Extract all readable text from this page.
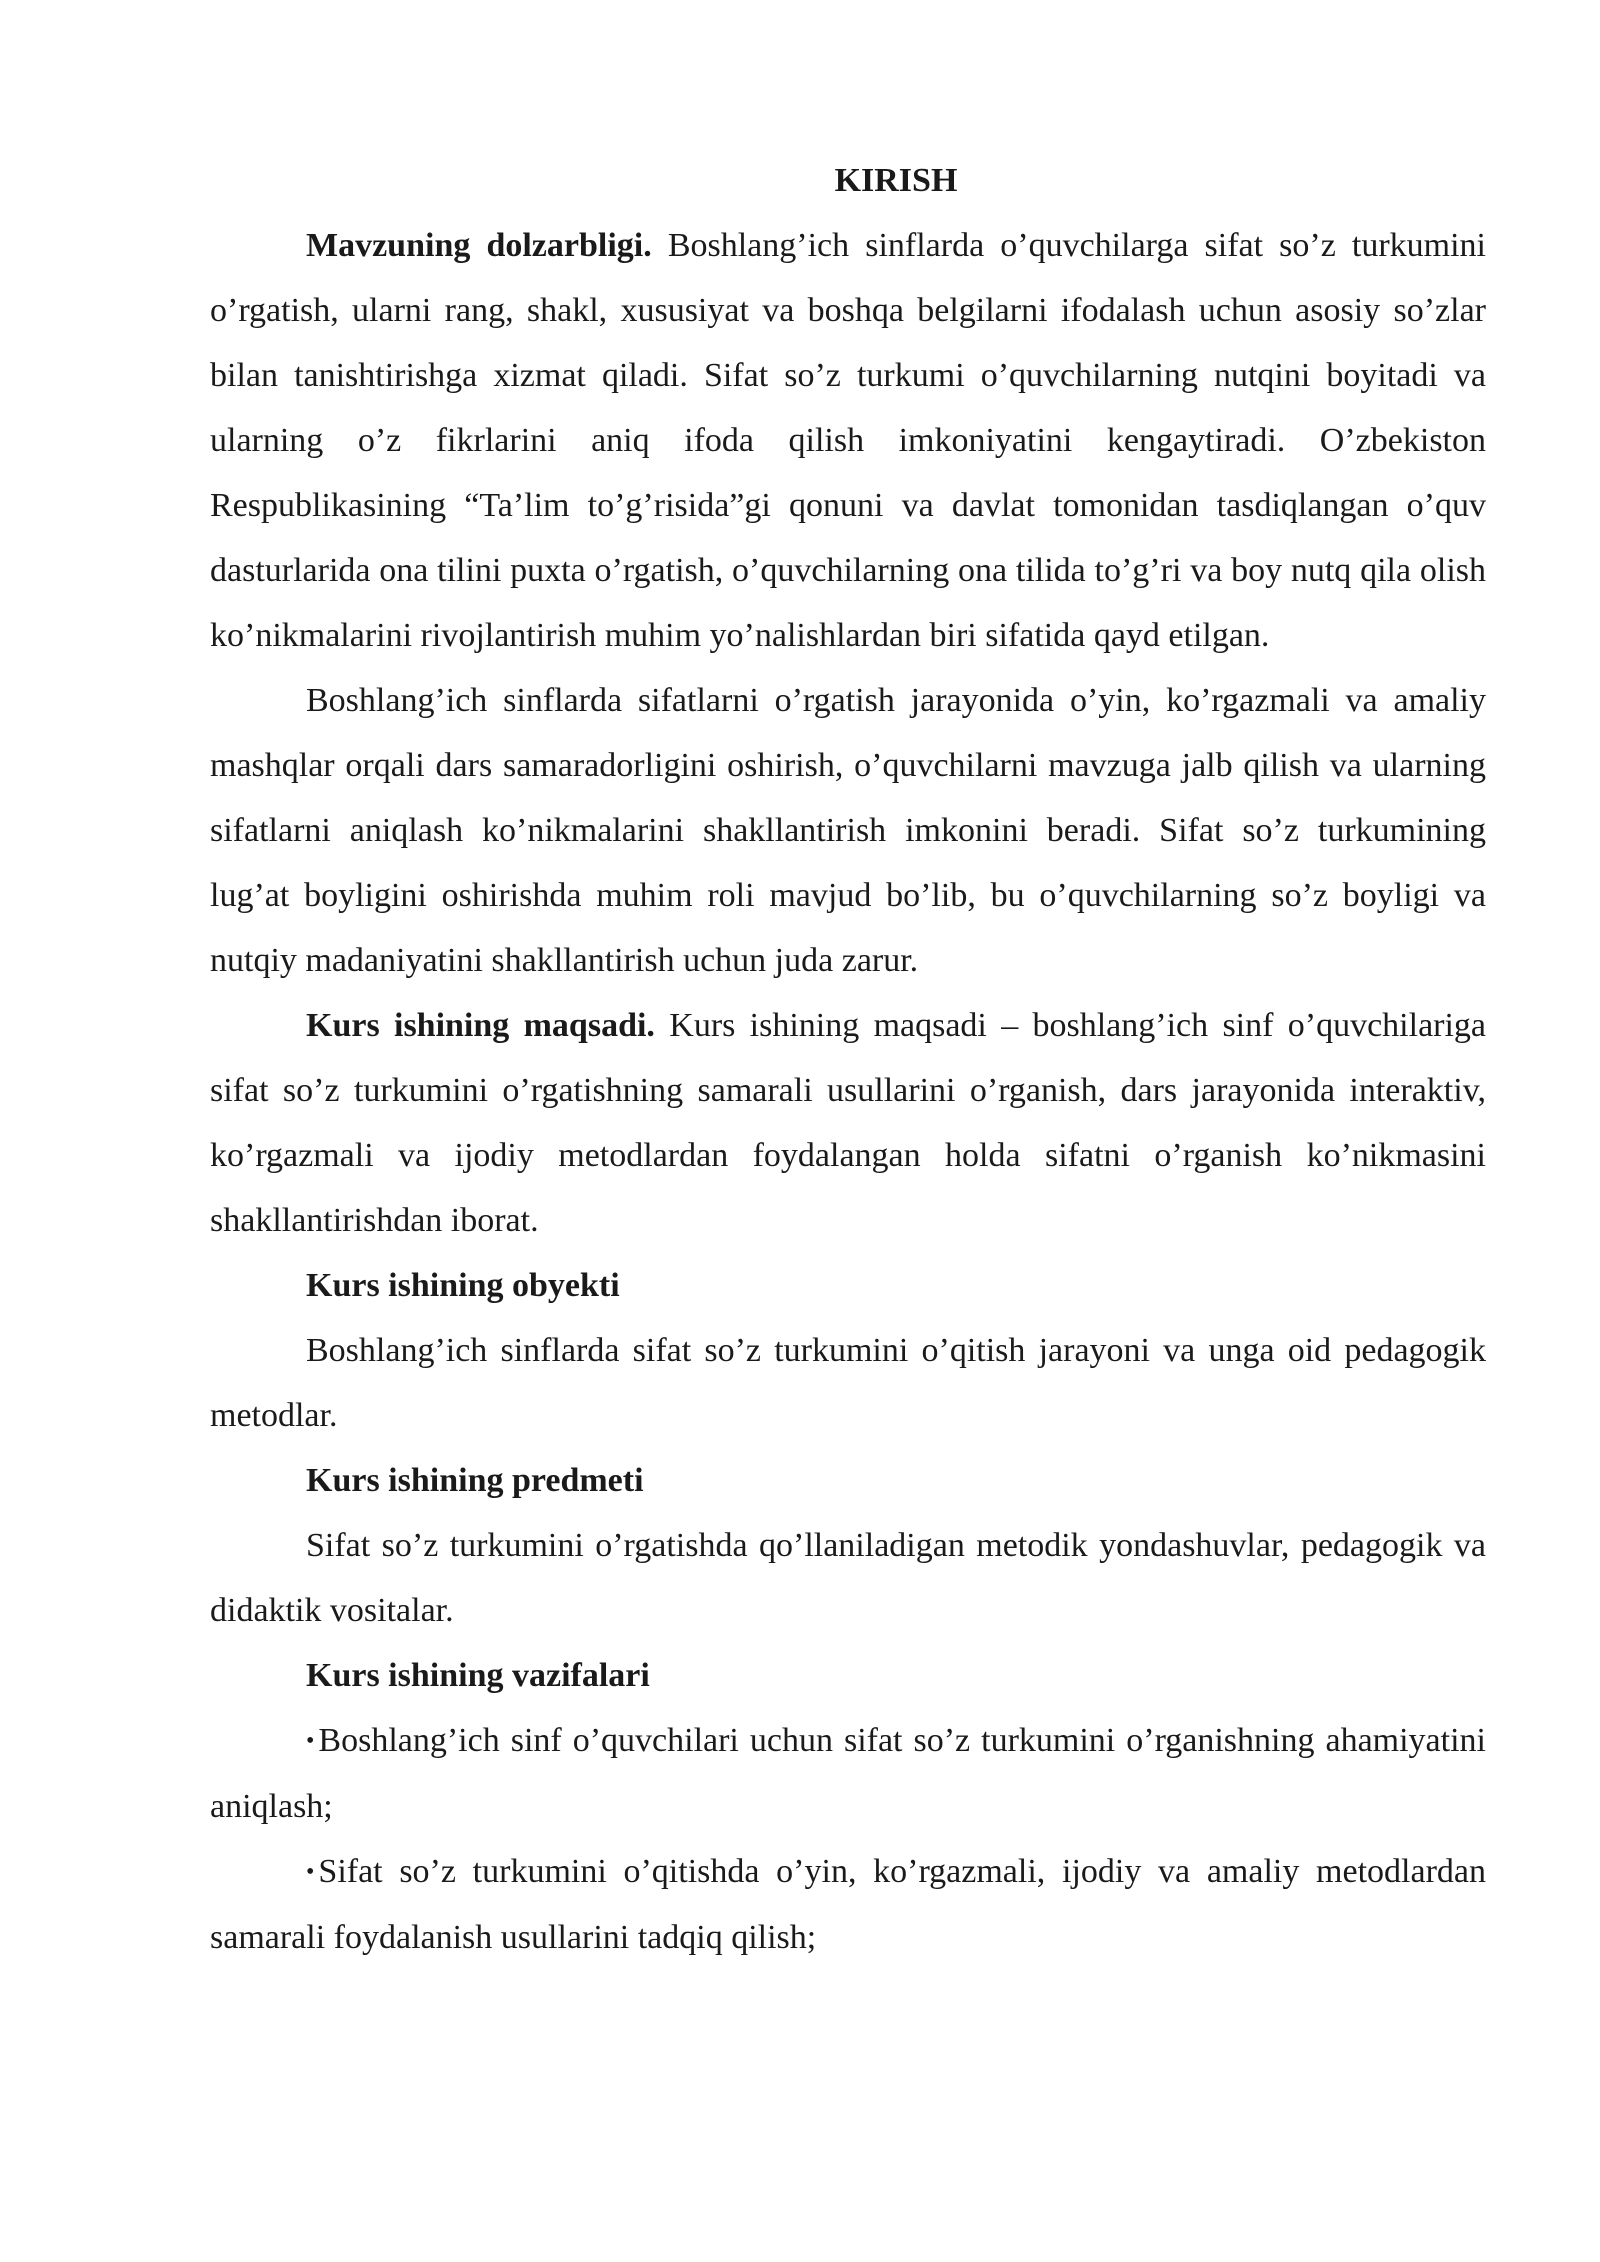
KIRISH

Mavzuning dolzarbligi. Boshlang’ich sinflarda o’quvchilarga sifat so’z turkumini o’rgatish, ularni rang, shakl, xususiyat va boshqa belgilarni ifodalash uchun asosiy so’zlar bilan tanishtirishga xizmat qiladi. Sifat so’z turkumi o’quvchilarning nutqini boyitadi va ularning o’z fikrlarini aniq ifoda qilish imkoniyatini kengaytiradi. O’zbekiston Respublikasining “Ta’lim to’g’risida”gi qonuni va davlat tomonidan tasdiqlangan o’quv dasturlarida ona tilini puxta o’rgatish, o’quvchilarning ona tilida to’g’ri va boy nutq qila olish ko’nikmalarini rivojlantirish muhim yo’nalishlardan biri sifatida qayd etilgan.

Boshlang’ich sinflarda sifatlarni o’rgatish jarayonida o’yin, ko’rgazmali va amaliy mashqlar orqali dars samaradorligini oshirish, o’quvchilarni mavzuga jalb qilish va ularning sifatlarni aniqlash ko’nikmalarini shakllantirish imkonini beradi. Sifat so’z turkumining lug’at boyligini oshirishda muhim roli mavjud bo’lib, bu o’quvchilarning so’z boyligi va nutqiy madaniyatini shakllantirish uchun juda zarur.

Kurs ishining maqsadi. Kurs ishining maqsadi – boshlang’ich sinf o’quvchilariga sifat so’z turkumini o’rgatishning samarali usullarini o’rganish, dars jarayonida interaktiv, ko’rgazmali va ijodiy metodlardan foydalangan holda sifatni o’rganish ko’nikmasini shakllantirishdan iborat.

Kurs ishining obyekti

Boshlang’ich sinflarda sifat so’z turkumini o’qitish jarayoni va unga oid pedagogik metodlar.

Kurs ishining predmeti

Sifat so’z turkumini o’rgatishda qo’llaniladigan metodik yondashuvlar, pedagogik va didaktik vositalar.

Kurs ishining vazifalari

• Boshlang’ich sinf o’quvchilari uchun sifat so’z turkumini o’rganishning ahamiyatini aniqlash;

• Sifat so’z turkumini o’qitishda o’yin, ko’rgazmali, ijodiy va amaliy metodlardan samarali foydalanish usullarini tadqiq qilish;
